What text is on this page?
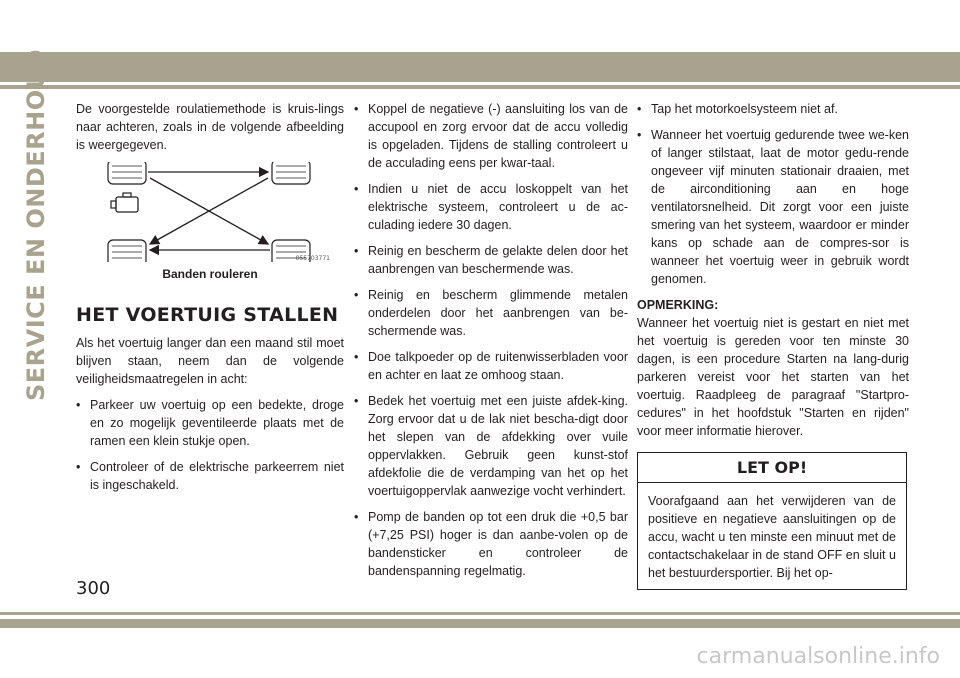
SERVICE EN ONDERHOUD De voorgestelde roulatiemethode is kruis-lings naar achteren, zoals in de volgende afbeelding is weergegeven.

055703771
Banden rouleren
HET VOERTUIG STALLEN

Als het voertuig langer dan een maand stil moet blijven staan, neem dan de volgende veiligheidsmaatregelen in acht:

• Parkeer uw voertuig op een bedekte, droge en zo mogelijk geventileerde plaats met de ramen een klein stukje open.
• Controleer of de elektrische parkeerrem niet is ingeschakeld.
• Koppel de negatieve (-) aansluiting los van de accupool en zorg ervoor dat de accu volledig is opgeladen. Tijdens de stalling controleert u de acculading eens per kwar-taal.
• Indien u niet de accu loskoppelt van het elektrische systeem, controleert u de ac-culading iedere 30 dagen.
• Reinig en bescherm de gelakte delen door het aanbrengen van beschermende was.
• Reinig en bescherm glimmende metalen onderdelen door het aanbrengen van be-schermende was.
• Doe talkpoeder op de ruitenwisserbladen voor en achter en laat ze omhoog staan.
• Bedek het voertuig met een juiste afdek-king. Zorg ervoor dat u de lak niet bescha-digt door het slepen van de afdekking over vuile oppervlakken. Gebruik geen kunst-stof afdekfolie die de verdamping van het op het voertuigoppervlak aanwezige vocht verhindert.
• Pomp de banden op tot een druk die +0,5 bar (+7,25 PSI) hoger is dan aanbe-volen op de bandensticker en controleer de bandenspanning regelmatig.
• Tap het motorkoelsysteem niet af.
• Wanneer het voertuig gedurende twee we-ken of langer stilstaat, laat de motor gedu-rende ongeveer vijf minuten stationair draaien, met de airconditioning aan en hoge ventilatorsnelheid. Dit zorgt voor een juiste smering van het systeem, waardoor er minder kans op schade aan de compres-sor is wanneer het voertuig weer in gebruik wordt genomen.
OPMERKING:

Wanneer het voertuig niet is gestart en niet met het voertuig is gereden voor ten minste 30 dagen, is een procedure Starten na lang-durig parkeren vereist voor het starten van het voertuig. Raadpleeg de paragraaf "Startpro-cedures" in het hoofdstuk "Starten en rijden" voor meer informatie hierover.

LET OP!
Voorafgaand aan het verwijderen van de positieve en negatieve aansluitingen op de accu, wacht u ten minste een minuut met de contactschakelaar in de stand OFF en sluit u het bestuurdersportier. Bij het op-
300
carmanualsonline.info
